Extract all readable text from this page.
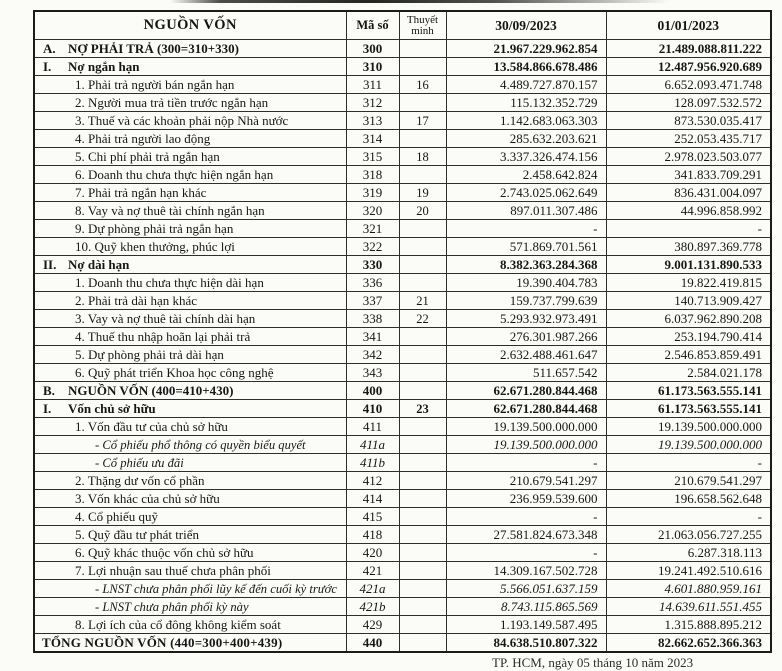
NGUỒN VỐN	Mã số	Thuyết minh	30/09/2023	01/01/2023
A. NỢ PHẢI TRẢ (300=310+330)	300		21.967.229.962.854	21.489.088.811.222
I. Nợ ngắn hạn	310		13.584.866.678.486	12.487.956.920.689
1. Phải trả người bán ngắn hạn	311	16	4.489.727.870.157	6.652.093.471.748
2. Người mua trả tiền trước ngắn hạn	312		115.132.352.729	128.097.532.572
3. Thuế và các khoản phải nộp Nhà nước	313	17	1.142.683.063.303	873.530.035.417
4. Phải trả người lao động	314		285.632.203.621	252.053.435.717
5. Chi phí phải trả ngắn hạn	315	18	3.337.326.474.156	2.978.023.503.077
6. Doanh thu chưa thực hiện ngắn hạn	318		2.458.642.824	341.833.709.291
7. Phải trả ngắn hạn khác	319	19	2.743.025.062.649	836.431.004.097
8. Vay và nợ thuê tài chính ngắn hạn	320	20	897.011.307.486	44.996.858.992
9. Dự phòng phải trả ngắn hạn	321		-	-
10. Quỹ khen thưởng, phúc lợi	322		571.869.701.561	380.897.369.778
II. Nợ dài hạn	330		8.382.363.284.368	9.001.131.890.533
1. Doanh thu chưa thực hiện dài hạn	336		19.390.404.783	19.822.419.815
2. Phải trả dài hạn khác	337	21	159.737.799.639	140.713.909.427
3. Vay và nợ thuê tài chính dài hạn	338	22	5.293.932.973.491	6.037.962.890.208
4. Thuế thu nhập hoãn lại phải trả	341		276.301.987.266	253.194.790.414
5. Dự phòng phải trả dài hạn	342		2.632.488.461.647	2.546.853.859.491
6. Quỹ phát triển Khoa học công nghệ	343		511.657.542	2.584.021.178
B. NGUỒN VỐN (400=410+430)	400		62.671.280.844.468	61.173.563.555.141
I. Vốn chủ sở hữu	410	23	62.671.280.844.468	61.173.563.555.141
1. Vốn đầu tư của chủ sở hữu	411		19.139.500.000.000	19.139.500.000.000
- Cổ phiếu phổ thông có quyền biểu quyết	411a		19.139.500.000.000	19.139.500.000.000
- Cổ phiếu ưu đãi	411b		-	-
2. Thặng dư vốn cổ phần	412		210.679.541.297	210.679.541.297
3. Vốn khác của chủ sở hữu	414		236.959.539.600	196.658.562.648
4. Cổ phiếu quỹ	415		-	-
5. Quỹ đầu tư phát triển	418		27.581.824.673.348	21.063.056.727.255
6. Quỹ khác thuộc vốn chủ sở hữu	420		-	6.287.318.113
7. Lợi nhuận sau thuế chưa phân phối	421		14.309.167.502.728	19.241.492.510.616
- LNST chưa phân phối lũy kế đến cuối kỳ trước	421a		5.566.051.637.159	4.601.880.959.161
- LNST chưa phân phối kỳ này	421b		8.743.115.865.569	14.639.611.551.455
8. Lợi ích của cổ đông không kiểm soát	429		1.193.149.587.495	1.315.888.895.212
TỔNG NGUỒN VỐN (440=300+400+439)	440		84.638.510.807.322	82.662.652.366.363
TP. HCM, ngày 05 tháng 10 năm 2023
